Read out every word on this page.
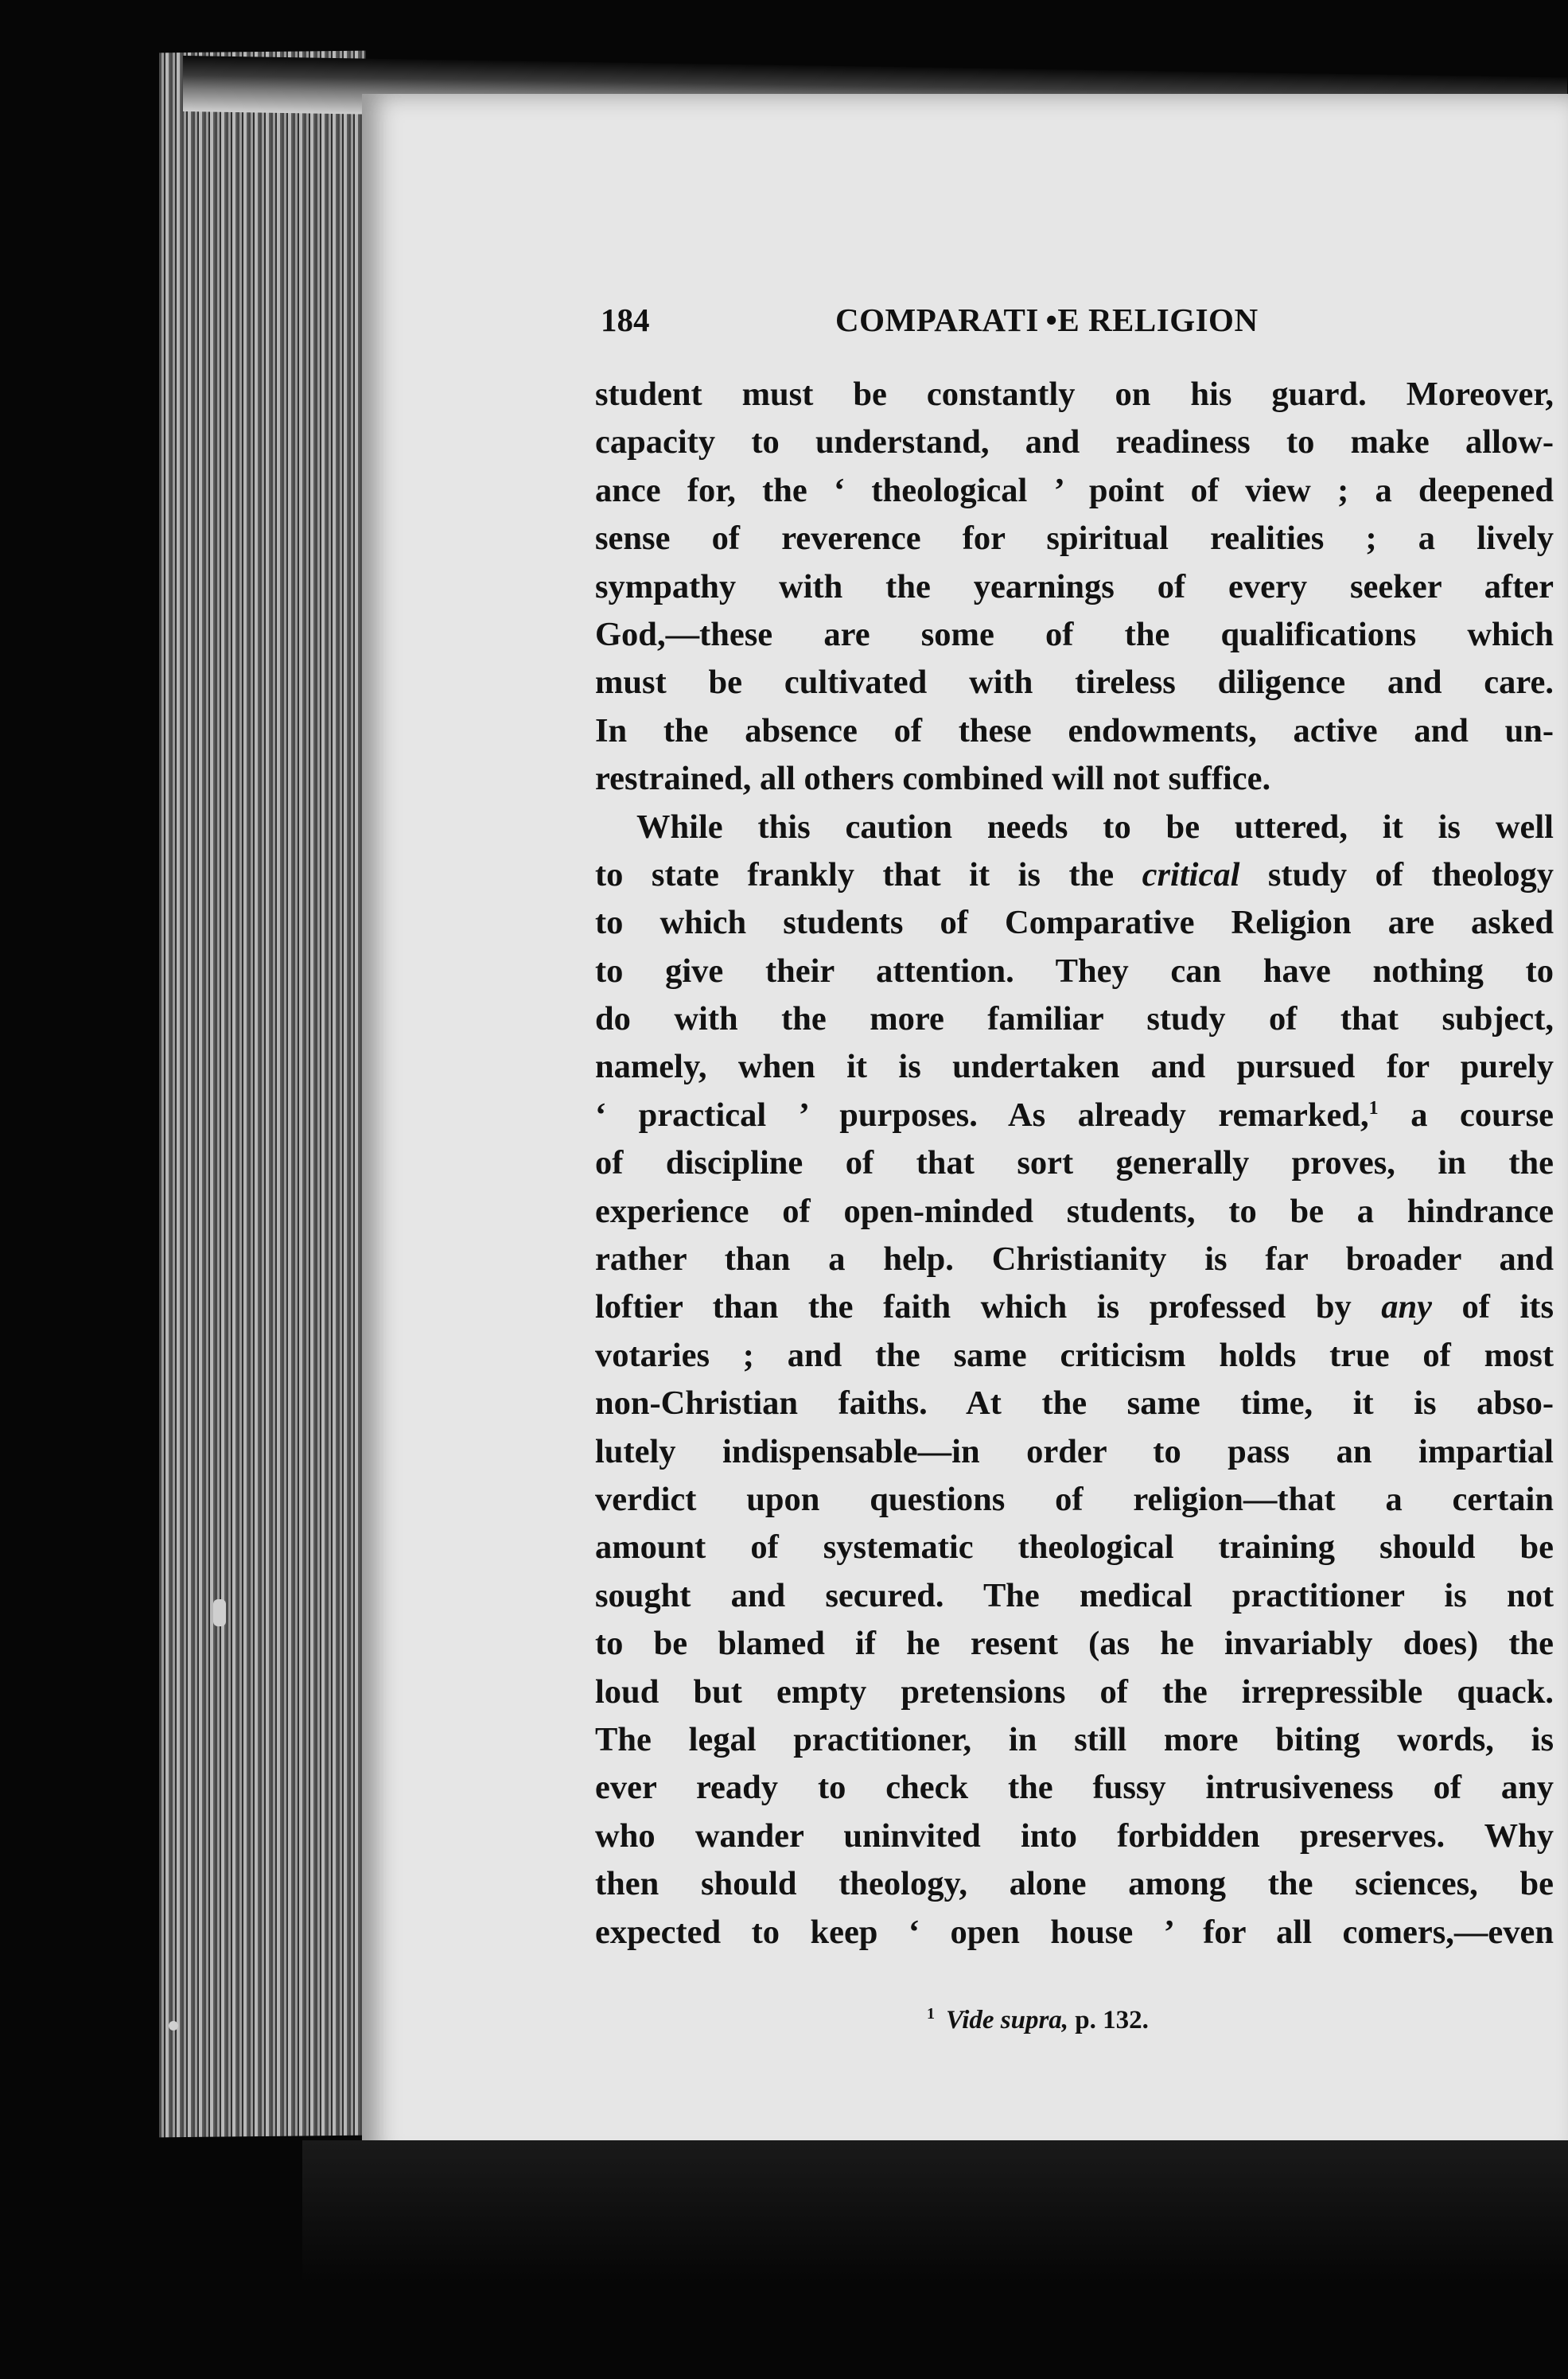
184	COMPARATI •E RELIGION
student must be constantly on his guard. Moreover,
capacity to understand, and readiness to make allow-
ance for, the ‘ theological ’ point of view ; a deepened
sense of reverence for spiritual realities ; a lively
sympathy with the yearnings of every seeker after
God,—these are some of the qualifications which
must be cultivated with tireless diligence and care.
In the absence of these endowments, active and un-
restrained, all others combined will not suffice.
While this caution needs to be uttered, it is well
to state frankly that it is the critical study of theology
to which students of Comparative Religion are asked
to give their attention. They can have nothing to
do with the more familiar study of that subject,
namely, when it is undertaken and pursued for purely
‘ practical ’ purposes. As already remarked,$^1$ a course
of discipline of that sort generally proves, in the
experience of open-minded students, to be a hindrance
rather than a help. Christianity is far broader and
loftier than the faith which is professed by any of its
votaries ; and the same criticism holds true of most
non-Christian faiths. At the same time, it is abso-
lutely indispensable—in order to pass an impartial
verdict upon questions of religion—that a certain
amount of systematic theological training should be
sought and secured. The medical practitioner is not
to be blamed if he resent (as he invariably does) the
loud but empty pretensions of the irrepressible quack.
The legal practitioner, in still more biting words, is
ever ready to check the fussy intrusiveness of any
who wander uninvited into forbidden preserves. Why
then should theology, alone among the sciences, be
expected to keep ‘ open house ’ for all comers,—even
$^1$ Vide supra, p. 132.
